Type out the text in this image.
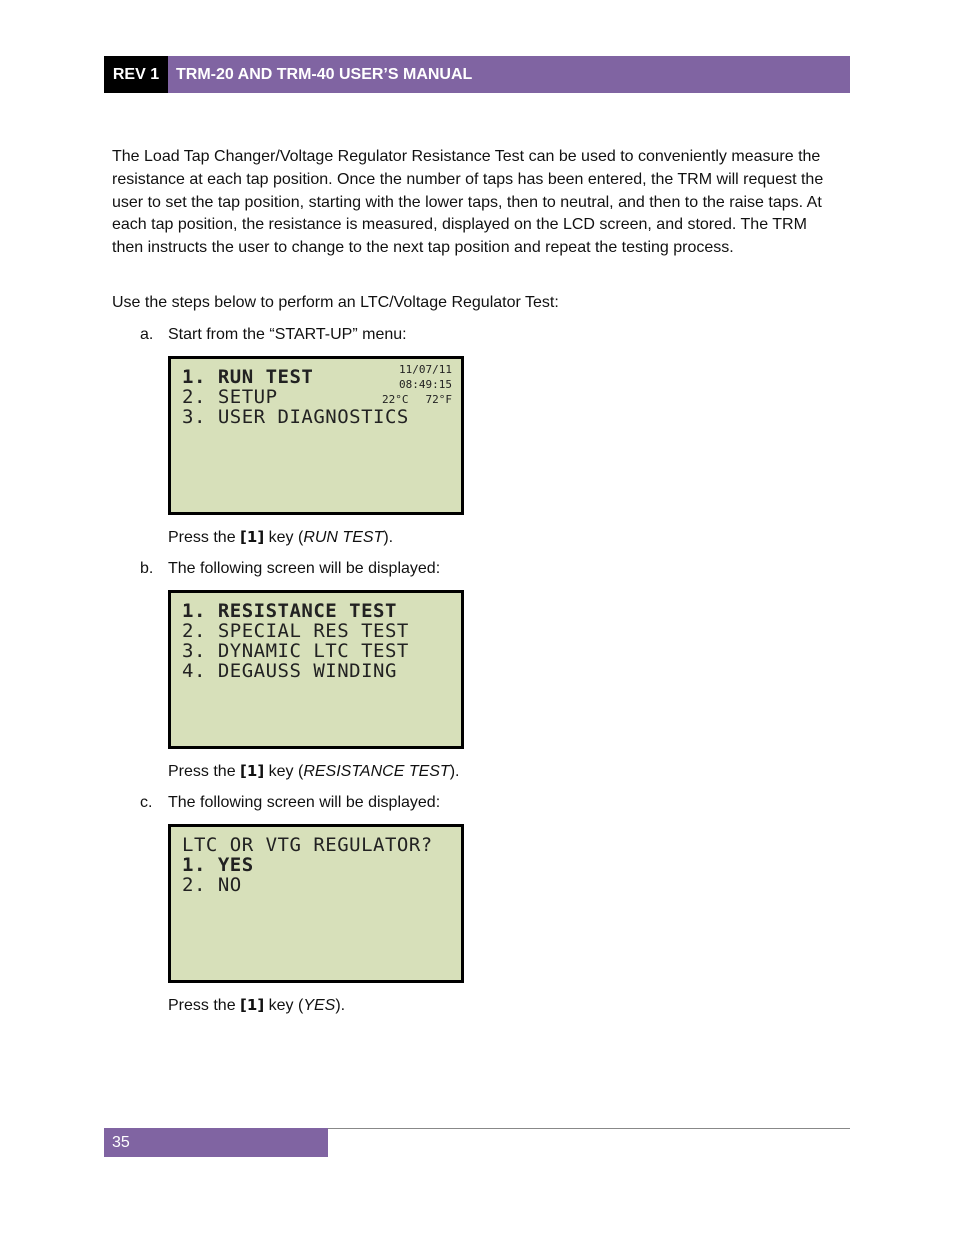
REV 1	TRM-20 AND TRM-40 USER’S MANUAL
The Load Tap Changer/Voltage Regulator Resistance Test can be used to conveniently measure the resistance at each tap position. Once the number of taps has been entered, the TRM will request the user to set the tap position, starting with the lower taps, then to neutral, and then to the raise taps. At each tap position, the resistance is measured, displayed on the LCD screen, and stored. The TRM then instructs the user to change to the next tap position and repeat the testing process.
Use the steps below to perform an LTC/Voltage Regulator Test:
a. Start from the “START-UP” menu:
1. RUN TEST
2. SETUP
3. USER DIAGNOSTICS
11/07/11
08:49:15
22°C 72°F
Press the [1] key (RUN TEST).
b. The following screen will be displayed:
1. RESISTANCE TEST
2. SPECIAL RES TEST
3. DYNAMIC LTC TEST
4. DEGAUSS WINDING
Press the [1] key (RESISTANCE TEST).
c. The following screen will be displayed:
LTC OR VTG REGULATOR?
1. YES
2. NO
Press the [1] key (YES).
35
